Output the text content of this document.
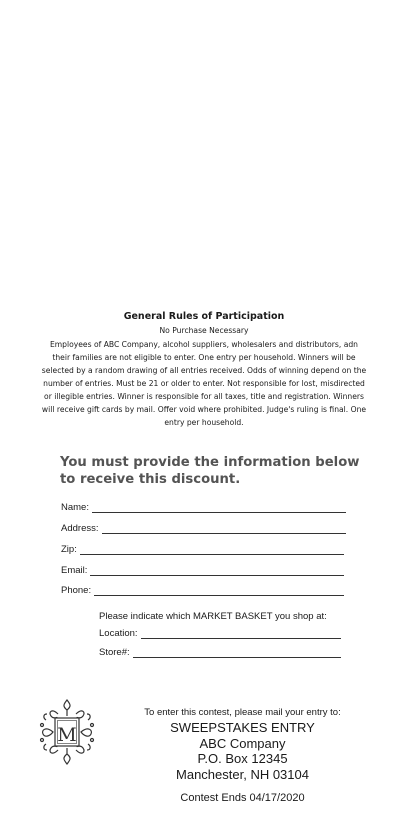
General Rules of Participation

No Purchase Necessary

Employees of ABC Company, alcohol suppliers, wholesalers and distributors, adn their families are not eligible to enter. One entry per household. Winners will be selected by a random drawing of all entries received. Odds of winning depend on the number of entries. Must be 21 or older to enter. Not responsible for lost, misdirected or illegible entries. Winner is responsible for all taxes, title and registration. Winners will receive gift cards by mail. Offer void where prohibited. Judge's ruling is final. One entry per household.

You must provide the information below to receive this discount.
Name:
Address:
Zip:
Email:
Phone:
Please indicate which MARKET BASKET you shop at:
Location:
Store#:
M

To enter this contest, please mail your entry to:

SWEEPSTAKES ENTRY

ABC Company

P.O. Box 12345

Manchester, NH 03104

Contest Ends 04/17/2020
